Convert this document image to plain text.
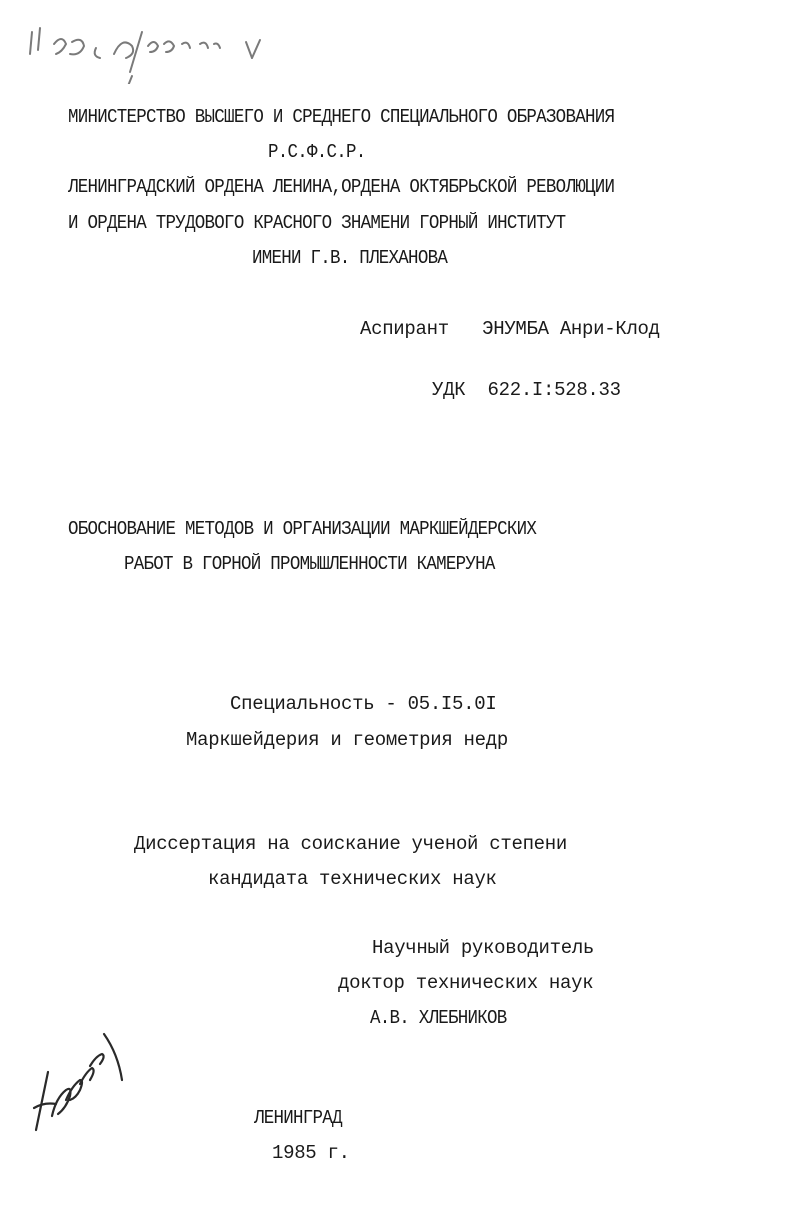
МИНИСТЕРСТВО ВЫСШЕГО И СРЕДНЕГО СПЕЦИАЛЬНОГО ОБРАЗОВАНИЯ
Р.С.Ф.С.Р.
ЛЕНИНГРАДСКИЙ ОРДЕНА ЛЕНИНА,ОРДЕНА ОКТЯБРЬСКОЙ РЕВОЛЮЦИИ
И ОРДЕНА ТРУДОВОГО КРАСНОГО ЗНАМЕНИ ГОРНЫЙ ИНСТИТУТ
ИМЕНИ Г.В. ПЛЕХАНОВА
Аспирант   ЭНУМБА Анри-Клод
УДК  622.I:528.33
ОБОСНОВАНИЕ МЕТОДОВ И ОРГАНИЗАЦИИ МАРКШЕЙДЕРСКИХ
РАБОТ В ГОРНОЙ ПРОМЫШЛЕННОСТИ КАМЕРУНА
Специальность - 05.I5.0I
Маркшейдерия и геометрия недр
Диссертация на соискание ученой степени
кандидата технических наук
Научный руководитель
доктор технических наук
А.В. ХЛЕБНИКОВ
ЛЕНИНГРАД
1985 г.
